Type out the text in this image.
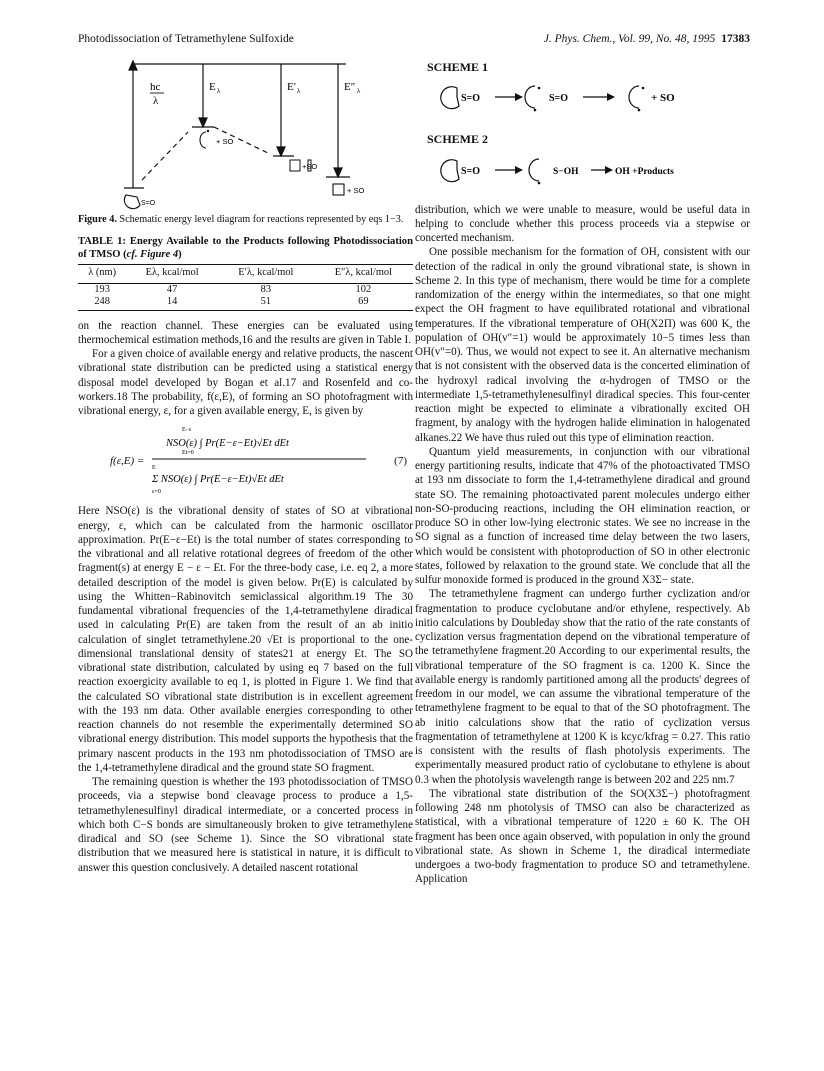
Photodissociation of Tetramethylene Sulfoxide	J. Phys. Chem., Vol. 99, No. 48, 1995 17383
hc
λ
E λ	E′ λ	E″ λ
+ SO
+SO
+ SO
S=O

Figure 4. Schematic energy level diagram for reactions represented by eqs 1−3.

TABLE 1: Energy Available to the Products following Photodissociation of TMSO (cf. Figure 4)
λ (nm)	Eλ, kcal/mol	E′λ, kcal/mol	E″λ, kcal/mol
193	47	83	102
248	14	51	69

on the reaction channel. These energies can be evaluated using thermochemical estimation methods,16 and the results are given in Table I.

For a given choice of available energy and relative products, the nascent vibrational state distribution can be predicted using a statistical energy disposal model developed by Bogan et al.17 and Rosenfeld and co-workers.18 The probability, f(ε,E), of forming an SO photofragment with vibrational energy, ε, for a given available energy, E, is given by

f(ε,E) =
E−ε
NSO(ε) ∫ Pr(E−ε−Et)√Et dEt
Et=0
E
Σ NSO(ε) ∫ Pr(E−ε−Et)√Et dEt
ε=0
(7)

Here NSO(ε) is the vibrational density of states of SO at vibrational energy, ε, which can be calculated from the harmonic oscillator approximation. Pr(E−ε−Et) is the total number of states corresponding to the vibrational and all relative rotational degrees of freedom of the other fragment(s) at energy E − ε − Et. For the three-body case, i.e. eq 2, a more detailed description of the model is given below. Pr(E) is calculated by using the Whitten−Rabinovitch semiclassical algorithm.19 The 30 fundamental vibrational frequencies of the 1,4-tetramethylene diradical used in calculating Pr(E) are taken from the result of an ab initio calculation of singlet tetramethylene.20 √Et is proportional to the one-dimensional translational density of states21 at energy Et. The SO vibrational state distribution, calculated by using eq 7 based on the full reaction exoergicity available to eq 1, is plotted in Figure 1. We find that the calculated SO vibrational state distribution is in excellent agreement with the 193 nm data. Other available energies corresponding to other reaction channels do not resemble the experimentally determined SO vibrational energy distribution. This model supports the hypothesis that the primary nascent products in the 193 nm photodissociation of TMSO are the 1,4-tetramethylene diradical and the ground state SO fragment.

The remaining question is whether the 193 photodissociation of TMSO proceeds, via a stepwise bond cleavage process to produce a 1,5-tetramethylenesulfinyl diradical intermediate, or a concerted process in which both C−S bonds are simultaneously broken to give tetramethylene diradical and SO (see Scheme 1). Since the SO vibrational state distribution that we measured here is statistical in nature, it is difficult to answer this question conclusively. A detailed nascent rotational

SCHEME 1
S=O	S=O	+ SO
SCHEME 2
S=O	S−OH	OH +Products

distribution, which we were unable to measure, would be useful data in helping to conclude whether this process proceeds via a stepwise or concerted mechanism.

One possible mechanism for the formation of OH, consistent with our detection of the radical in only the ground vibrational state, is shown in Scheme 2. In this type of mechanism, there would be time for a complete randomization of the energy within the intermediates, so that one might expect the OH fragment to have equilibrated rotational and vibrational temperatures. If the vibrational temperature of OH(X2Π) was 600 K, the population of OH(v″=1) would be approximately 10−5 times less than OH(v″=0). Thus, we would not expect to see it. An alternative mechanism that is not consistent with the observed data is the concerted elimination of the hydroxyl radical involving the α-hydrogen of TMSO or the intermediate 1,5-tetramethylenesulfinyl diradical species. This four-center reaction might be expected to eliminate a vibrationally excited OH fragment, by analogy with the hydrogen halide elimination in halogenated alkanes.22 We have thus ruled out this type of elimination reaction.

Quantum yield measurements, in conjunction with our vibrational energy partitioning results, indicate that 47% of the photoactivated TMSO at 193 nm dissociate to form the 1,4-tetramethylene diradical and ground state SO. The remaining photoactivated parent molecules undergo either non-SO-producing reactions, including the OH elimination reaction, or produce SO in other low-lying electronic states. We see no increase in the SO signal as a function of increased time delay between the two lasers, which would be consistent with photoproduction of SO in other electronic states, followed by relaxation to the ground state. We conclude that all the sulfur monoxide formed is produced in the ground X3Σ− state.

The tetramethylene fragment can undergo further cyclization and/or fragmentation to produce cyclobutane and/or ethylene, respectively. Ab initio calculations by Doubleday show that the ratio of the rate constants of cyclization versus fragmentation depend on the vibrational temperature of the tetramethylene fragment.20 According to our experimental results, the vibrational temperature of the SO fragment is ca. 1200 K. Since the available energy is randomly partitioned among all the products' degrees of freedom in our model, we can assume the vibrational temperature of the tetramethylene fragment to be equal to that of the SO photofragment. The ab initio calculations show that the ratio of cyclization versus fragmentation of tetramethylene at 1200 K is kcyc/kfrag = 0.27. This ratio is consistent with the results of flash photolysis experiments. The experimentally measured product ratio of cyclobutane to ethylene is about 0.3 when the photolysis wavelength range is between 202 and 225 nm.7

The vibrational state distribution of the SO(X3Σ−) photofragment following 248 nm photolysis of TMSO can also be characterized as statistical, with a vibrational temperature of 1220 ± 60 K. The OH fragment has been once again observed, with population in only the ground vibrational state. As shown in Scheme 1, the diradical intermediate undergoes a two-body fragmentation to produce SO and tetramethylene. Application
